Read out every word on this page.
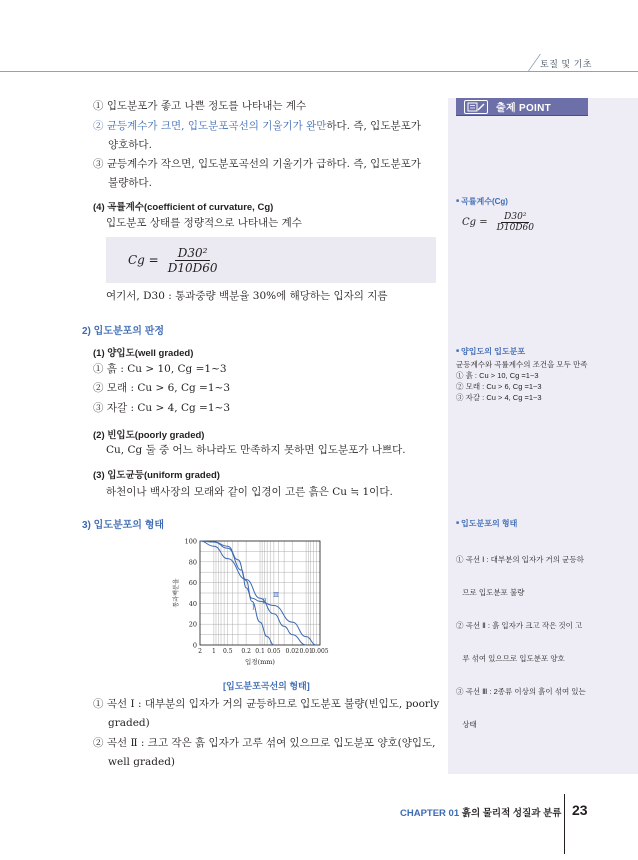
토질 및 기초
출제 POINT
■ 곡률계수(Cg)
$Cg = \frac{\text{D30²}}{D10D60}$
■ 양입도의 입도분포
균등계수와 곡률계수의 조건을 모두 만족
① 흙 : Cu > 10, Cg =1~3
② 모래 : Cu > 6, Cg =1~3
③ 자갈 : Cu > 4, Cg =1~3
■ 입도분포의 형태

① 곡선 Ⅰ : 대부분의 입자가 거의 균등하

므로 입도분포 불량

② 곡선 Ⅱ : 흙 입자가 크고 작은 것이 고

루 섞여 있으므로 입도분포 양호

③ 곡선 Ⅲ : 2종류 이상의 흙이 섞여 있는

상태

① 입도분포가 좋고 나쁜 정도를 나타내는 계수
② 균등계수가 크면, 입도분포곡선의 기울기가 완만하다. 즉, 입도분포가
양호하다.
③ 균등계수가 작으면, 입도분포곡선의 기울기가 급하다. 즉, 입도분포가
불량하다.
(4) 곡률계수(coefficient of curvature, Cg)
입도분포 상태를 정량적으로 나타내는 계수
$Cg = \frac{\text{D30²}}{D10D60}$
여기서, D30 : 통과중량 백분율 30%에 해당하는 입자의 지름
2) 입도분포의 판정
(1) 양입도(well graded)
① 흙 : Cu > 10, Cg =1~3
② 모래 : Cu > 6, Cg =1~3
③ 자갈 : Cu > 4, Cg =1~3
(2) 빈입도(poorly graded)
Cu, Cg 둘 중 어느 하나라도 만족하지 못하면 입도분포가 나쁘다.
(3) 입도균등(uniform graded)
하천이나 백사장의 모래와 같이 입경이 고른 흙은 Cu ≒ 1이다.
3) 입도분포의 형태
0
20
40
60
80
100
2 1 0.5 0.2 0.1 0.05 0.02 0.01
0.005
입경(mm)
통과백분율
Ⅰ
Ⅱ
Ⅲ
[입도분포곡선의 형태]
① 곡선 Ⅰ : 대부분의 입자가 거의 균등하므로 입도분포 불량(빈입도, poorly
graded)
② 곡선 Ⅱ : 크고 작은 흙 입자가 고루 섞여 있으므로 입도분포 양호(양입도,
well graded)
CHAPTER 01 흙의 물리적 성질과 분류 23
